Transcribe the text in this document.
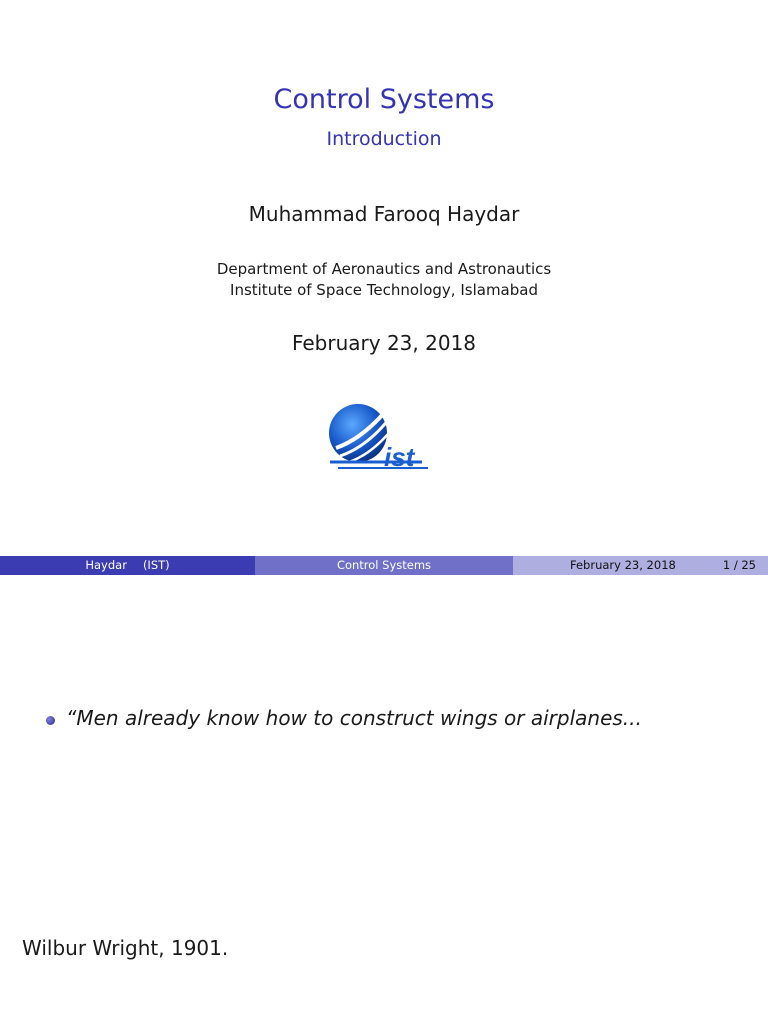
Control Systems
Introduction
Muhammad Farooq Haydar
Department of Aeronautics and Astronautics
Institute of Space Technology, Islamabad
February 23, 2018
ist
Haydar (IST)	Control Systems	February 23, 2018	1 / 25
“Men already know how to construct wings or airplanes...
Wilbur Wright, 1901.
